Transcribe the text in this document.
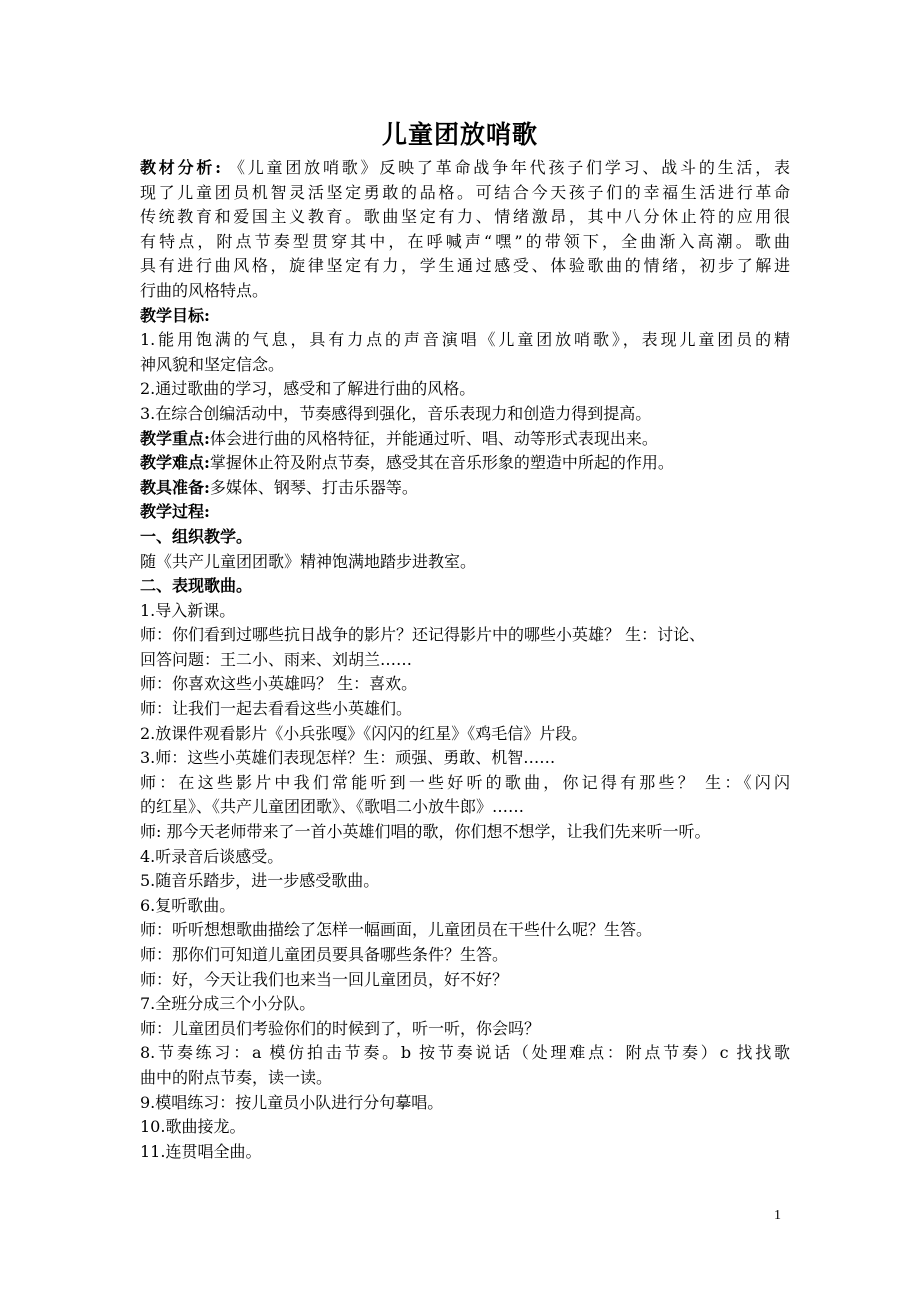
儿童团放哨歌
教材分析: 《儿童团放哨歌》反映了革命战争年代孩子们学习、战斗的生活，表
现了儿童团员机智灵活坚定勇敢的品格。可结合今天孩子们的幸福生活进行革命
传统教育和爱国主义教育。歌曲坚定有力、情绪激昂，其中八分休止符的应用很
有特点，附点节奏型贯穿其中，在呼喊声“嘿”的带领下，全曲渐入高潮。歌曲
具有进行曲风格，旋律坚定有力，学生通过感受、体验歌曲的情绪，初步了解进
行曲的风格特点。
教学目标:
1.能用饱满的气息，具有力点的声音演唱《儿童团放哨歌》，表现儿童团员的精
神风貌和坚定信念。
2.通过歌曲的学习，感受和了解进行曲的风格。
3.在综合创编活动中，节奏感得到强化，音乐表现力和创造力得到提高。
教学重点:体会进行曲的风格特征，并能通过听、唱、动等形式表现出来。
教学难点:掌握休止符及附点节奏，感受其在音乐形象的塑造中所起的作用。
教具准备:多媒体、钢琴、打击乐器等。
教学过程:
一、组织教学。
随《共产儿童团团歌》精神饱满地踏步进教室。
二、表现歌曲。
1.导入新课。
师：你们看到过哪些抗日战争的影片？还记得影片中的哪些小英雄？ 生：讨论、
回答问题：王二小、雨来、刘胡兰……
师：你喜欢这些小英雄吗？ 生：喜欢。
师：让我们一起去看看这些小英雄们。
2.放课件观看影片《小兵张嘎》《闪闪的红星》《鸡毛信》片段。
3.师：这些小英雄们表现怎样？生：顽强、勇敢、机智……
师：在这些影片中我们常能听到一些好听的歌曲，你记得有那些？ 生：《闪闪
的红星》、《共产儿童团团歌》、《歌唱二小放牛郎》……
师: 那今天老师带来了一首小英雄们唱的歌，你们想不想学，让我们先来听一听。
4.听录音后谈感受。
5.随音乐踏步，进一步感受歌曲。
6.复听歌曲。
师：听听想想歌曲描绘了怎样一幅画面，儿童团员在干些什么呢？生答。
师：那你们可知道儿童团员要具备哪些条件？生答。
师：好，今天让我们也来当一回儿童团员，好不好？
7.全班分成三个小分队。
师：儿童团员们考验你们的时候到了，听一听，你会吗？
8.节奏练习：a 模仿拍击节奏。b 按节奏说话（处理难点：附点节奏）c 找找歌
曲中的附点节奏，读一读。
9.模唱练习：按儿童员小队进行分句摹唱。
10.歌曲接龙。
11.连贯唱全曲。
1
